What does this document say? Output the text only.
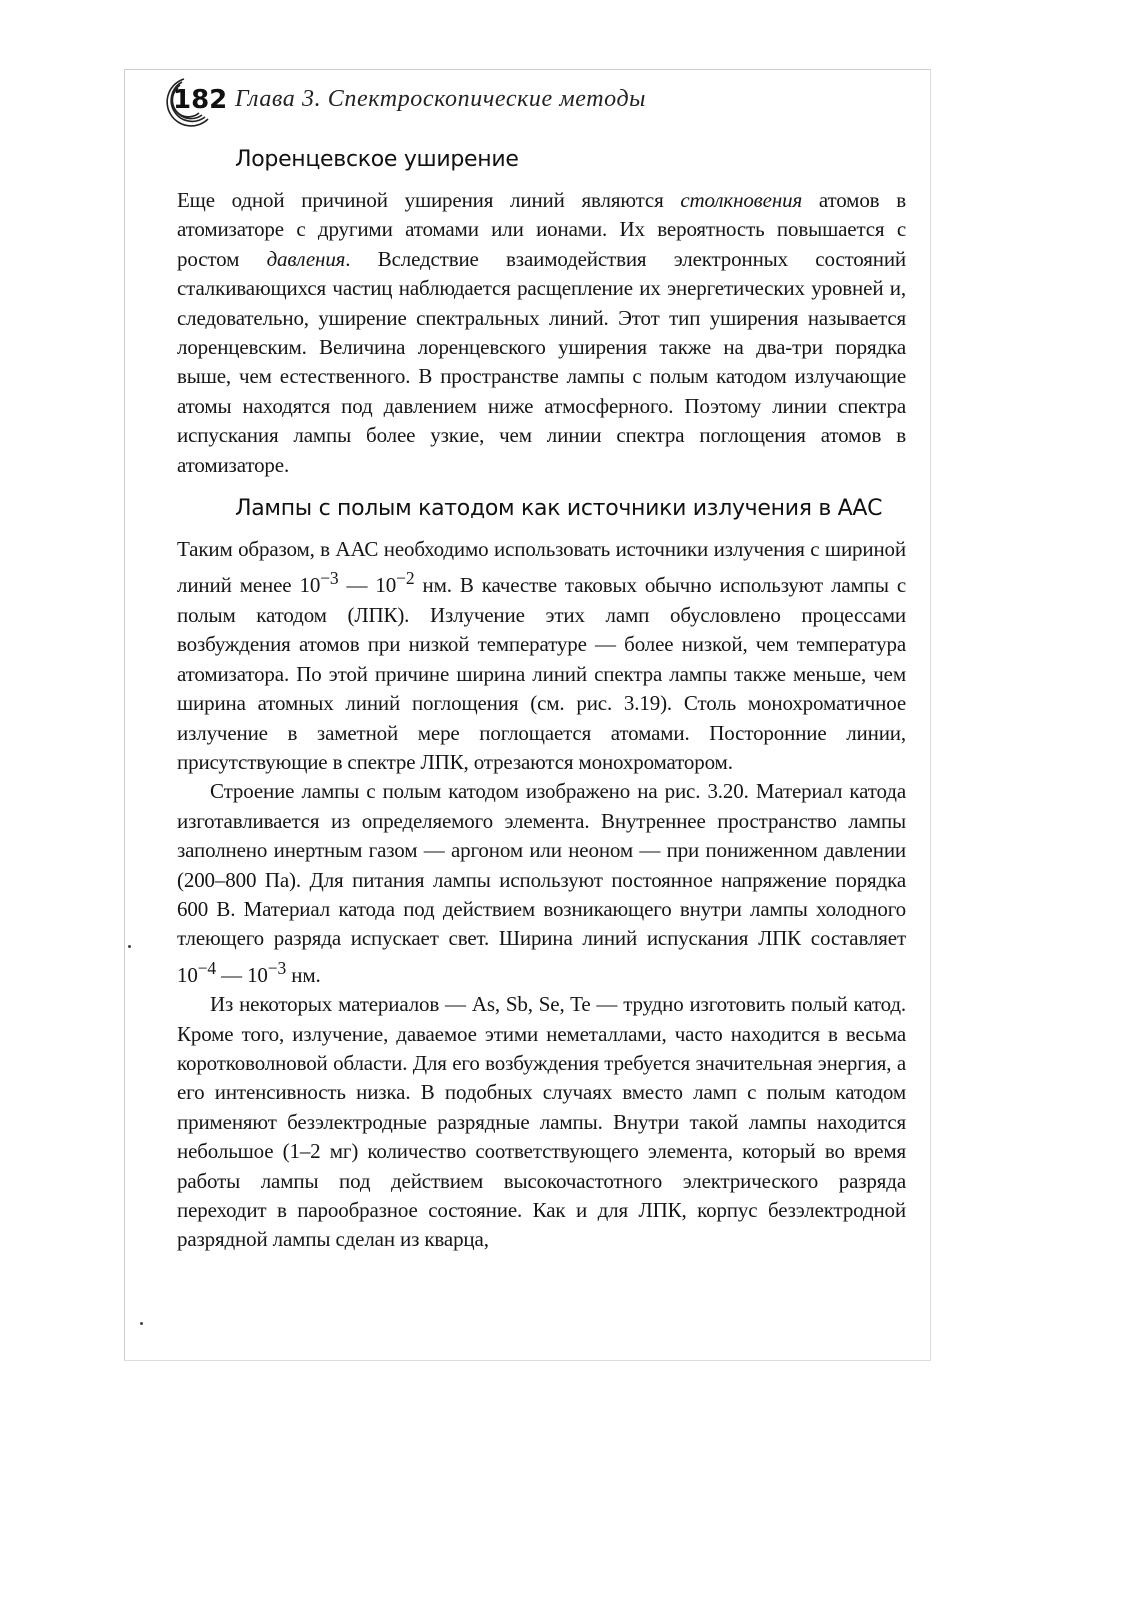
182 Глава 3. Спектроскопические методы
Лоренцевское уширение

Еще одной причиной уширения линий являются столкновения атомов в атомизаторе с другими атомами или ионами. Их вероятность повышается с ростом давления. Вследствие взаимодействия электронных состояний сталкивающихся частиц наблюдается расщепление их энергетических уровней и, следовательно, уширение спектральных линий. Этот тип уширения называется лоренцевским. Величина лоренцевского уширения также на два-три порядка выше, чем естественного. В пространстве лампы с полым катодом излучающие атомы находятся под давлением ниже атмосферного. Поэтому линии спектра испускания лампы более узкие, чем линии спектра поглощения атомов в атомизаторе.

Лампы с полым катодом как источники излучения в ААС

Таким образом, в ААС необходимо использовать источники излучения с шириной линий менее $10^{-3}$ — $10^{-2}$ нм. В качестве таковых обычно используют лампы с полым катодом (ЛПК). Излучение этих ламп обусловлено процессами возбуждения атомов при низкой температуре — более низкой, чем температура атомизатора. По этой причине ширина линий спектра лампы также меньше, чем ширина атомных линий поглощения (см. рис. 3.19). Столь монохроматичное излучение в заметной мере поглощается атомами. Посторонние линии, присутствующие в спектре ЛПК, отрезаются монохроматором.

Строение лампы с полым катодом изображено на рис. 3.20. Материал катода изготавливается из определяемого элемента. Внутреннее пространство лампы заполнено инертным газом — аргоном или неоном — при пониженном давлении (200–800 Па). Для питания лампы используют постоянное напряжение порядка 600 В. Материал катода под действием возникающего внутри лампы холодного тлеющего разряда испускает свет. Ширина линий испускания ЛПК составляет $10^{-4}$ — $10^{-3}$ нм.

Из некоторых материалов — As, Sb, Se, Te — трудно изготовить полый катод. Кроме того, излучение, даваемое этими неметаллами, часто находится в весьма коротковолновой области. Для его возбуждения требуется значительная энергия, а его интенсивность низка. В подобных случаях вместо ламп с полым катодом применяют безэлектродные разрядные лампы. Внутри такой лампы находится небольшое (1–2 мг) количество соответствующего элемента, который во время работы лампы под действием высокочастотного электрического разряда переходит в парообразное состояние. Как и для ЛПК, корпус безэлектродной разрядной лампы сделан из кварца,
